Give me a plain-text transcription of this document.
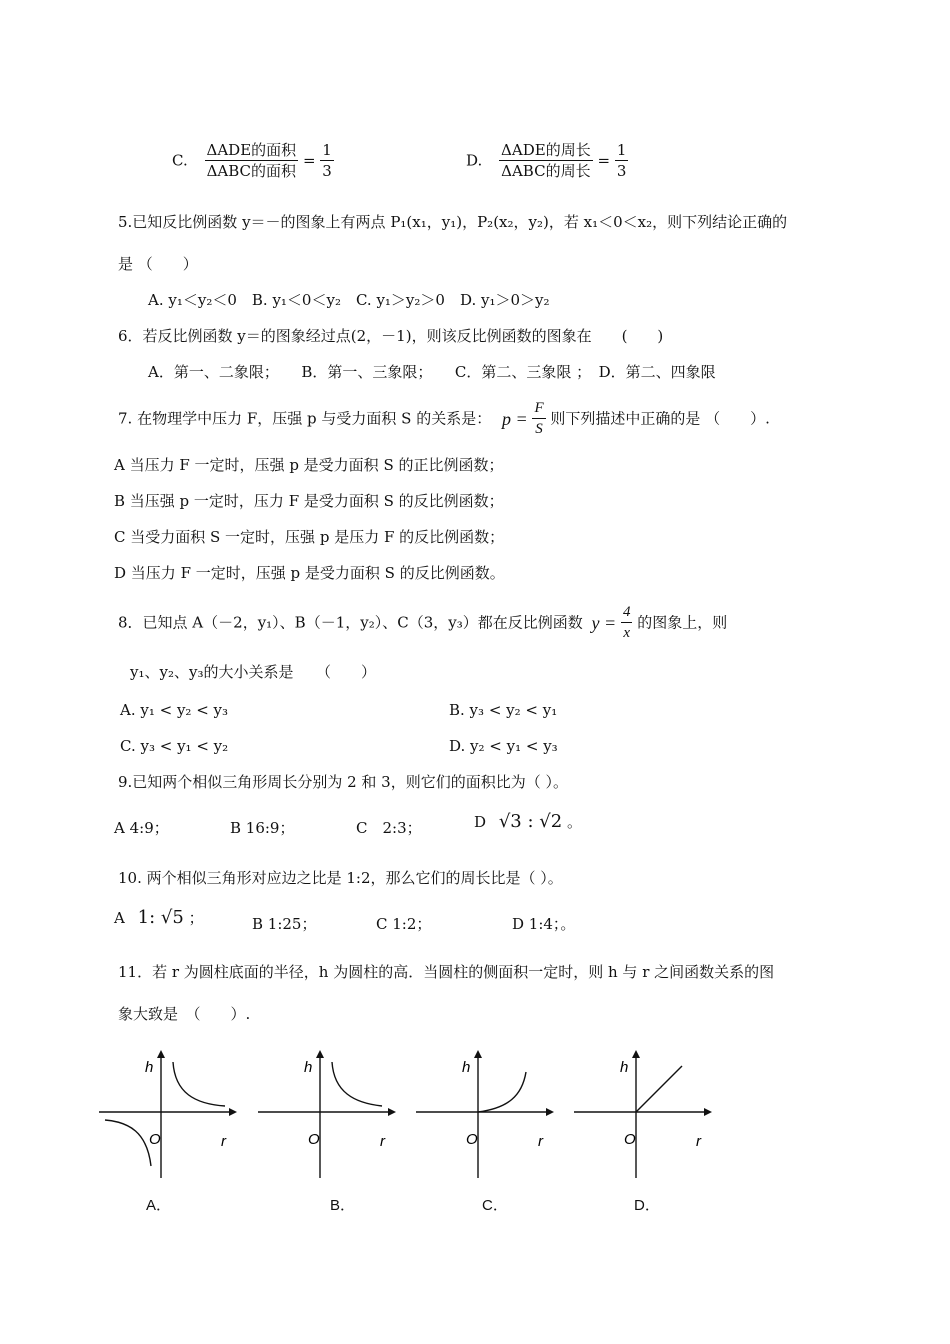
C. $\frac{\text{ΔADE的面积}}{\text{ΔABC的面积}} = \frac{1}{3}$	D. $\frac{\text{ΔADE的周长}}{\text{ΔABC的周长}} = \frac{1}{3}$
5.已知反比例函数 y＝－的图象上有两点 P₁(x₁，y₁)，P₂(x₂，y₂)，若 x₁＜0＜x₂，则下列结论正确的
是 （　　）
A. y₁＜y₂＜0　B. y₁＜0＜y₂　C. y₁＞y₂＞0　D. y₁＞0＞y₂
6．若反比例函数 y＝的图象经过点(2，－1)，则该反比例函数的图象在　　(　　)
A．第一、二象限；　　B．第一、三象限；　　C．第二、三象限 ；　D．第二、四象限
7. 在物理学中压力 F，压强 p 与受力面积 S 的关系是： $p = \frac{F}{S}$ 则下列描述中正确的是 （　　）.
A 当压力 F 一定时，压强 p 是受力面积 S 的正比例函数；
B 当压强 p 一定时，压力 F 是受力面积 S 的反比例函数；
C 当受力面积 S 一定时，压强 p 是压力 F 的反比例函数；
D 当压力 F 一定时，压强 p 是受力面积 S 的反比例函数。
8．已知点 A（－2，y₁）、B（－1，y₂）、C（3，y₃）都在反比例函数 $y = \frac{4}{x}$ 的图象上，则
y₁、y₂、y₃的大小关系是　　（　　）
A. y₁ < y₂ < y₃	B. y₃ < y₂ < y₁
C. y₃ < y₁ < y₂	D. y₂ < y₁ < y₃
9.已知两个相似三角形周长分别为 2 和 3，则它们的面积比为（ ）。
A 4:9；	B 16:9；	C　2:3；	D √3 : √2 。
10. 两个相似三角形对应边之比是 1:2，那么它们的周长比是（ ）。
A 1: √5 ；	B 1:25；	C 1:2；	D 1:4；。
11．若 r 为圆柱底面的半径，h 为圆柱的高．当圆柱的侧面积一定时，则 h 与 r 之间函数关系的图
象大致是　（　　）.
h
O	r
A．
h
O	r
B．
h
O	r
C．
h
O	r
D．
